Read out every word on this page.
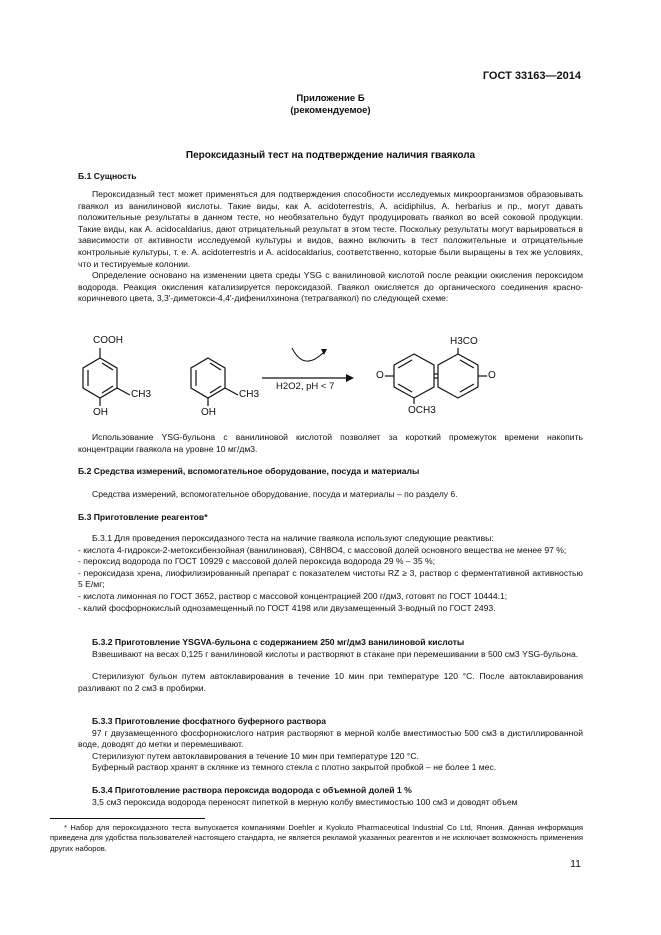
ГОСТ 33163—2014
Приложение Б
(рекомендуемое)
Пероксидазный тест на подтверждение наличия гваякола
Б.1 Сущность

Пероксидазный тест может применяться для подтверждения способности исследуемых микроорганизмов образовывать гваякол из ванилиновой кислоты. Такие виды, как A. acidoterrestris, A. acidiphilus, A. herbarius и пр., могут давать положительные результаты в данном тесте, но необязательно будут продуцировать гваякол во всей соковой продукции. Такие виды, как A. acidocaldarius, дают отрицательный результат в этом тесте. Поскольку результаты могут варьироваться в зависимости от активности исследуемой культуры и видов, важно включить в тест положительные и отрицательные контрольные культуры, т. е. A. acidoterrestris и A. acidocaldarius, соответственно, которые были выращены в тех же условиях, что и тестируемые колонии.

Определение основано на изменении цвета среды YSG с ванилиновой кислотой после реакции окисления пероксидом водорода. Реакция окисления катализируется пероксидазой. Гваякол окисляется до органического соединения красно-коричневого цвета, 3,3′-диметокси-4,4′-дифенилхинона (тетрагваякол) по следующей схеме:

COOH
CH3
OH
CH3
OH
H2O2, pH < 7
O	O
H3CO
OCH3

Использование YSG-бульона с ванилиновой кислотой позволяет за короткий промежуток времени накопить концентрации гваякола на уровне 10 мг/дм3.

Б.2 Средства измерений, вспомогательное оборудование, посуда и материалы

Средства измерений, вспомогательное оборудование, посуда и материалы – по разделу 6.

Б.3 Приготовление реагентов*

Б.3.1 Для проведения пероксидазного теста на наличие гваякола используют следующие реактивы:

- кислота 4-гидрокси-2-метоксибензойная (ванилиновая), C8H8O4, с массовой долей основного вещества не менее 97 %;

- пероксид водорода по ГОСТ 10929 с массовой долей пероксида водорода 29 % – 35 %;

- пероксидаза хрена, лиофилизированный препарат с показателем чистоты RZ ≥ 3, раствор с ферментативной активностью 5 Е/мг;

- кислота лимонная по ГОСТ 3652, раствор с массовой концентрацией 200 г/дм3, готовят по ГОСТ 10444.1;

- калий фосфорнокислый однозамещенный по ГОСТ 4198 или двузамещенный 3-водный по ГОСТ 2493.

Б.3.2 Приготовление YSGVA-бульона с содержанием 250 мг/дм3 ванилиновой кислоты

Взвешивают на весах 0,125 г ванилиновой кислоты и растворяют в стакане при перемешивании в 500 см3 YSG-бульона.

Стерилизуют бульон путем автоклавирования в течение 10 мин при температуре 120 °С. После автоклавирования разливают по 2 см3 в пробирки.

Б.3.3 Приготовление фосфатного буферного раствора

97 г двузамещенного фосфорнокислого натрия растворяют в мерной колбе вместимостью 500 см3 в дистиллированной воде, доводят до метки и перемешивают.

Стерилизуют путем автоклавирования в течение 10 мин при температуре 120 °С.

Буферный раствор хранят в склянке из темного стекла с плотно закрытой пробкой – не более 1 мес.

Б.3.4 Приготовление раствора пероксида водорода с объемной долей 1 %

3,5 см3 пероксида водорода переносят пипеткой в мерную колбу вместимостью 100 см3 и доводят объем

* Набор для пероксидазного теста выпускается компаниями Doehler и Kyokuto Pharmaceutical Industrial Co Ltd, Япония. Данная информация приведена для удобства пользователей настоящего стандарта, не является рекламой указанных реагентов и не исключает возможность применения других наборов.

11
